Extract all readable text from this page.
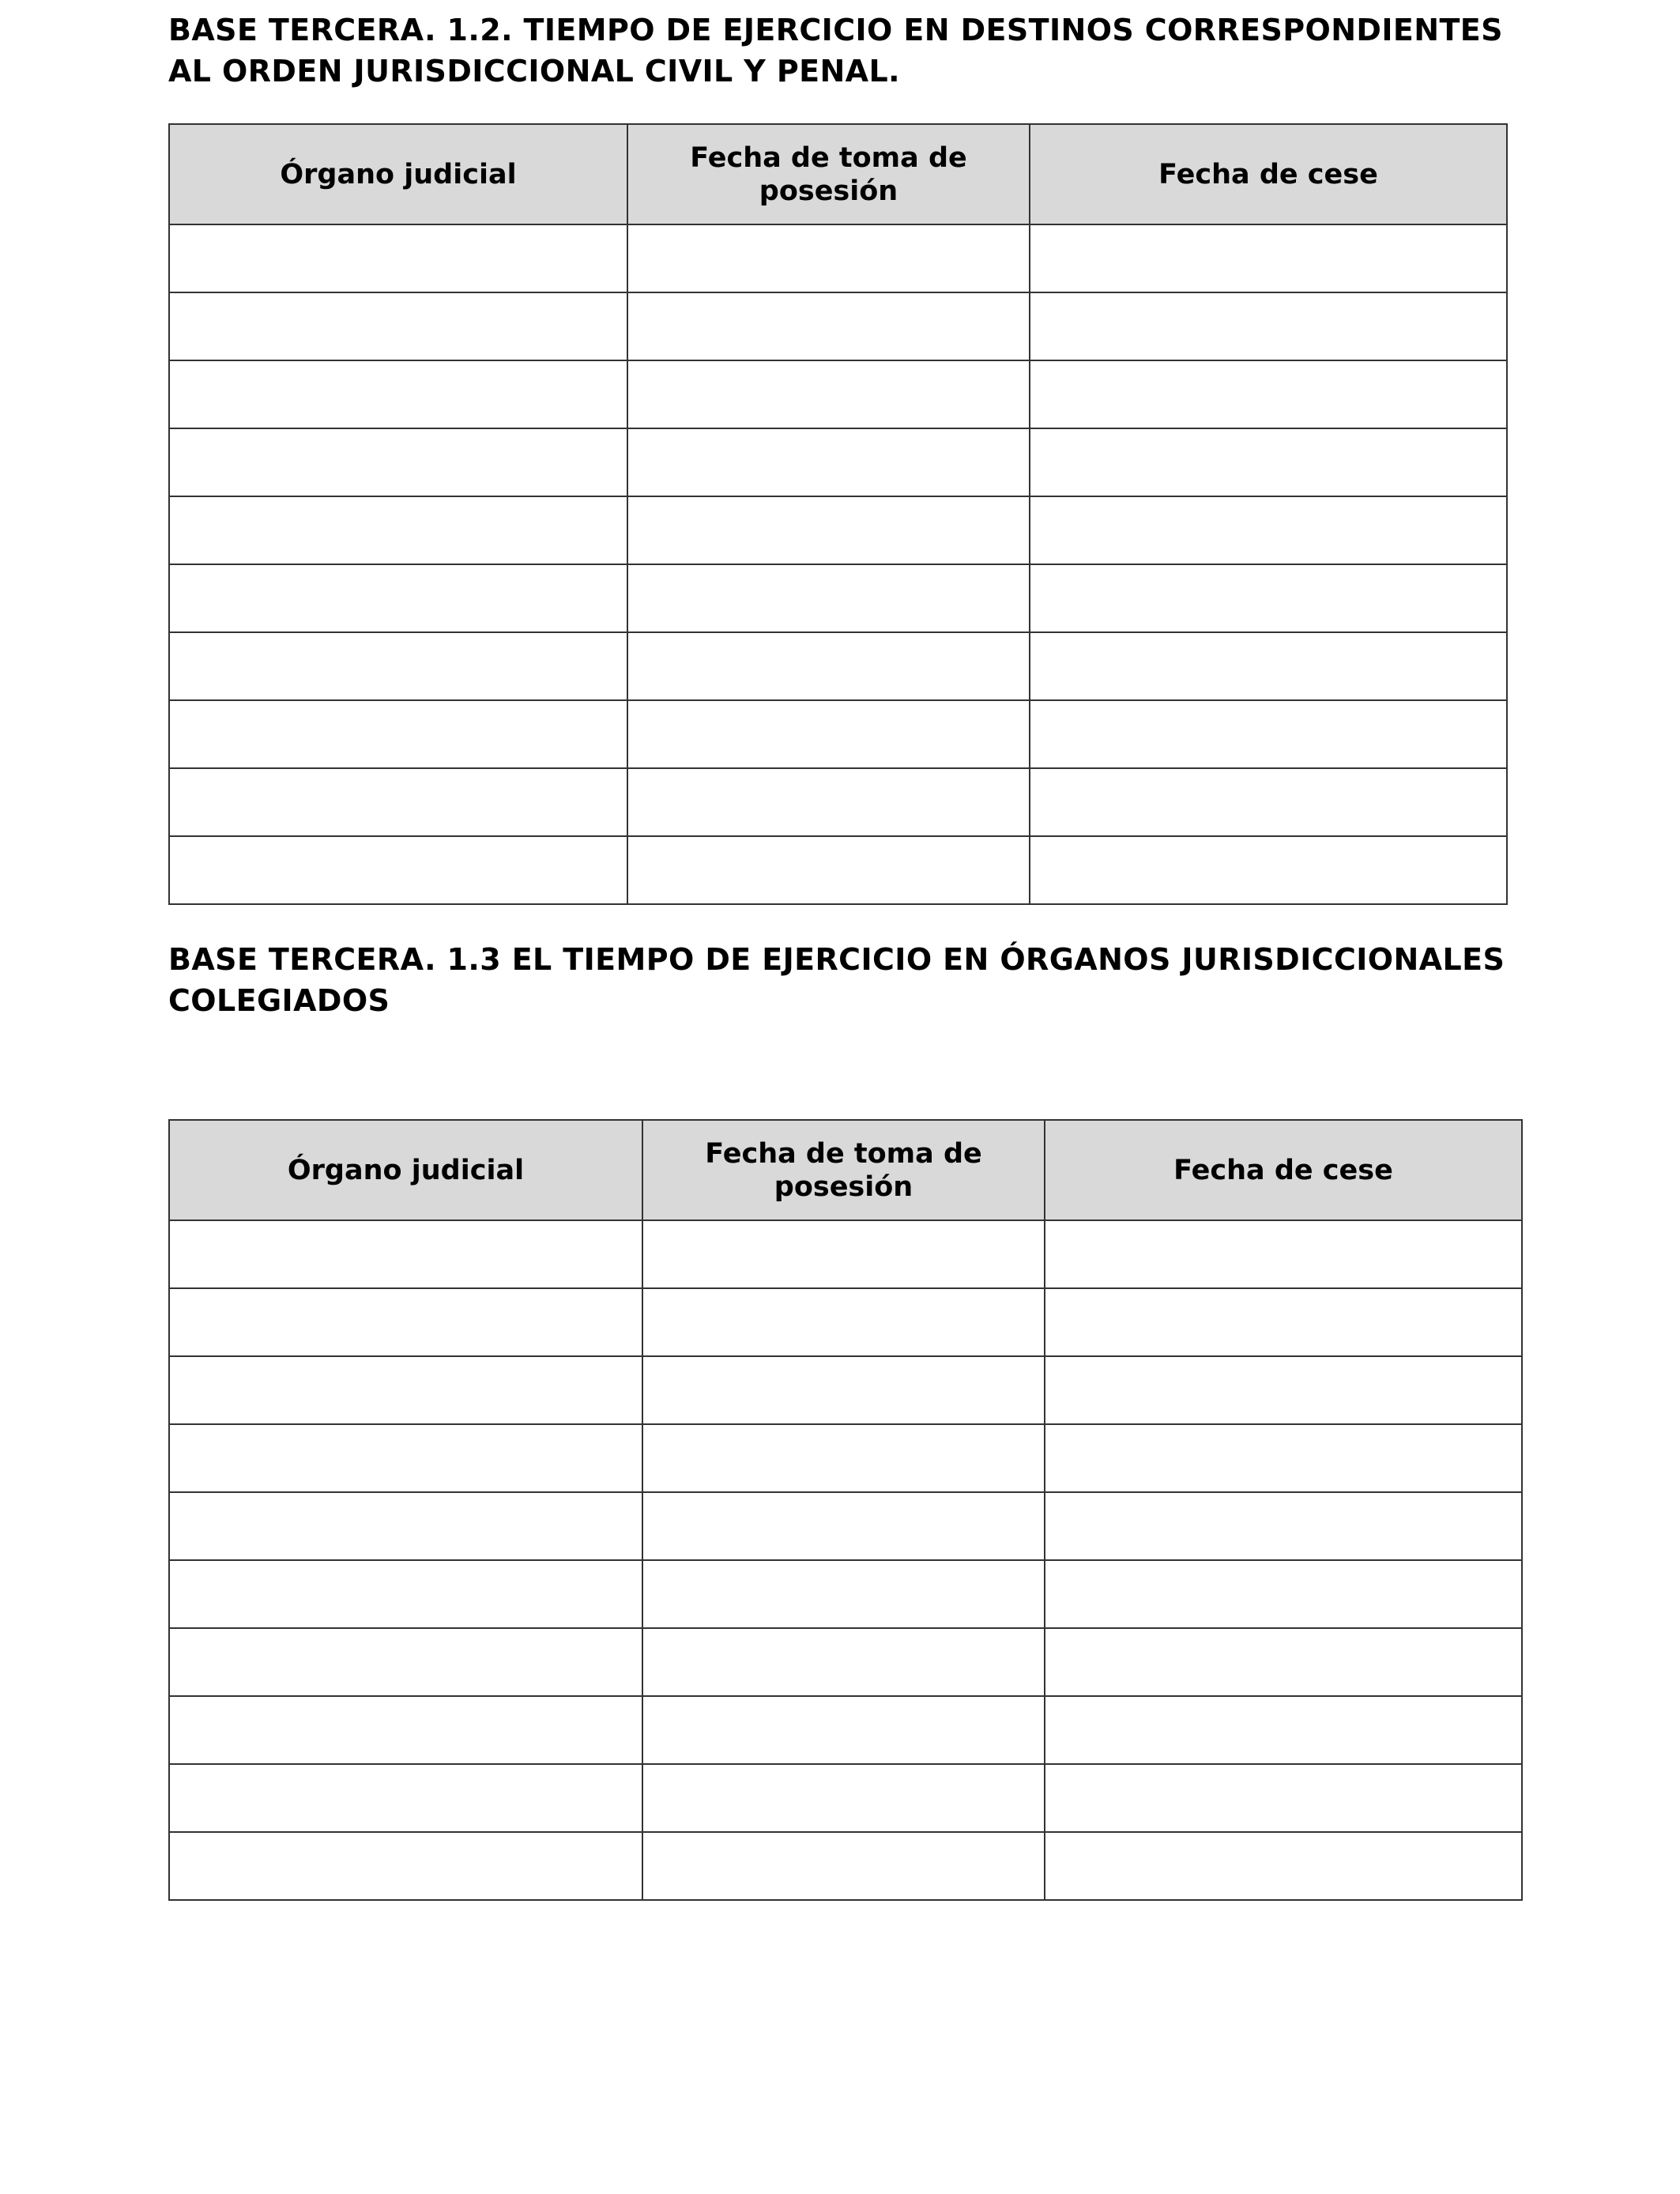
BASE TERCERA. 1.2. TIEMPO DE EJERCICIO EN DESTINOS CORRESPONDIENTES
AL ORDEN JURISDICCIONAL CIVIL Y PENAL.
Órgano judicial	Fecha de toma de posesión	Fecha de cese

BASE TERCERA. 1.3 EL TIEMPO DE EJERCICIO EN ÓRGANOS JURISDICCIONALES
COLEGIADOS
Órgano judicial	Fecha de toma de posesión	Fecha de cese
